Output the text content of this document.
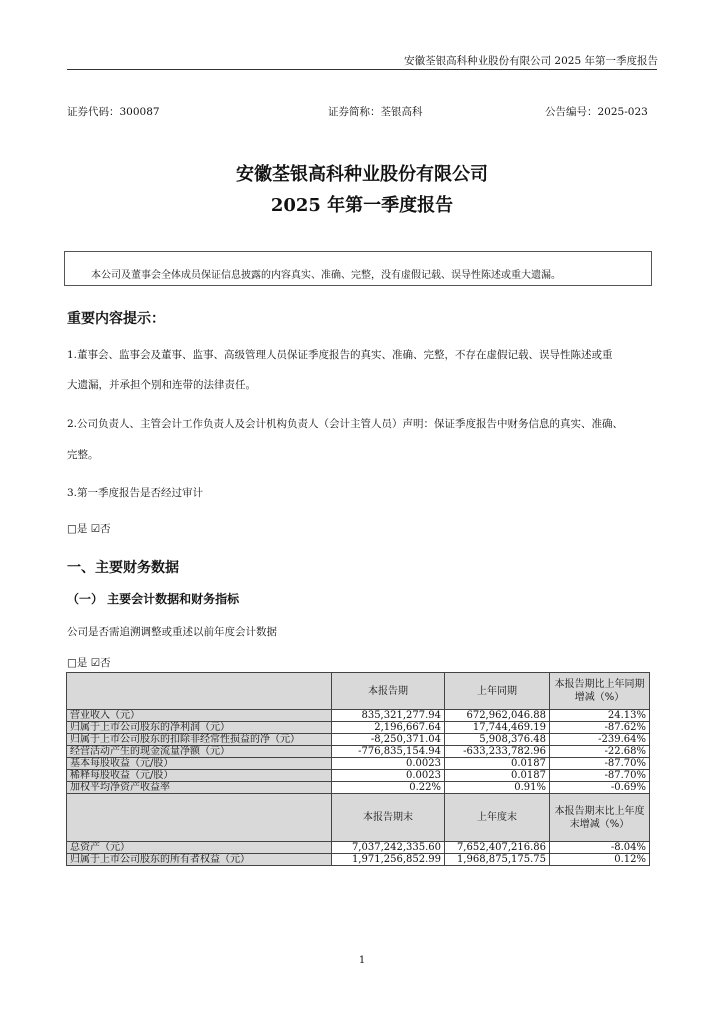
安徽荃银高科种业股份有限公司 2025 年第一季度报告
证券代码：300087	证券简称：荃银高科	公告编号：2025-023
安徽荃银高科种业股份有限公司
2025 年第一季度报告
本公司及董事会全体成员保证信息披露的内容真实、准确、完整，没有虚假记载、误导性陈述或重大遗漏。
重要内容提示：
1.董事会、监事会及董事、监事、高级管理人员保证季度报告的真实、准确、完整，不存在虚假记载、误导性陈述或重
大遗漏，并承担个别和连带的法律责任。
2.公司负责人、主管会计工作负责人及会计机构负责人（会计主管人员）声明：保证季度报告中财务信息的真实、准确、
完整。
3.第一季度报告是否经过审计
□是 ☑否
一、主要财务数据
（一） 主要会计数据和财务指标
公司是否需追溯调整或重述以前年度会计数据
□是 ☑否
	本报告期	上年同期	本报告期比上年同期增减（%）
营业收入（元）	835,321,277.94	672,962,046.88	24.13%
归属于上市公司股东的净利润（元）	2,196,667.64	17,744,469.19	-87.62%
归属于上市公司股东的扣除非经常性损益的净（元）	-8,250,371.04	5,908,376.48	-239.64%
经营活动产生的现金流量净额（元）	-776,835,154.94	-633,233,782.96	-22.68%
基本每股收益（元/股）	0.0023	0.0187	-87.70%
稀释每股收益（元/股）	0.0023	0.0187	-87.70%
加权平均净资产收益率	0.22%	0.91%	-0.69%
	本报告期末	上年度末	本报告期末比上年度末增减（%）
总资产（元）	7,037,242,335.60	7,652,407,216.86	-8.04%
归属于上市公司股东的所有者权益（元）	1,971,256,852.99	1,968,875,175.75	0.12%
1
